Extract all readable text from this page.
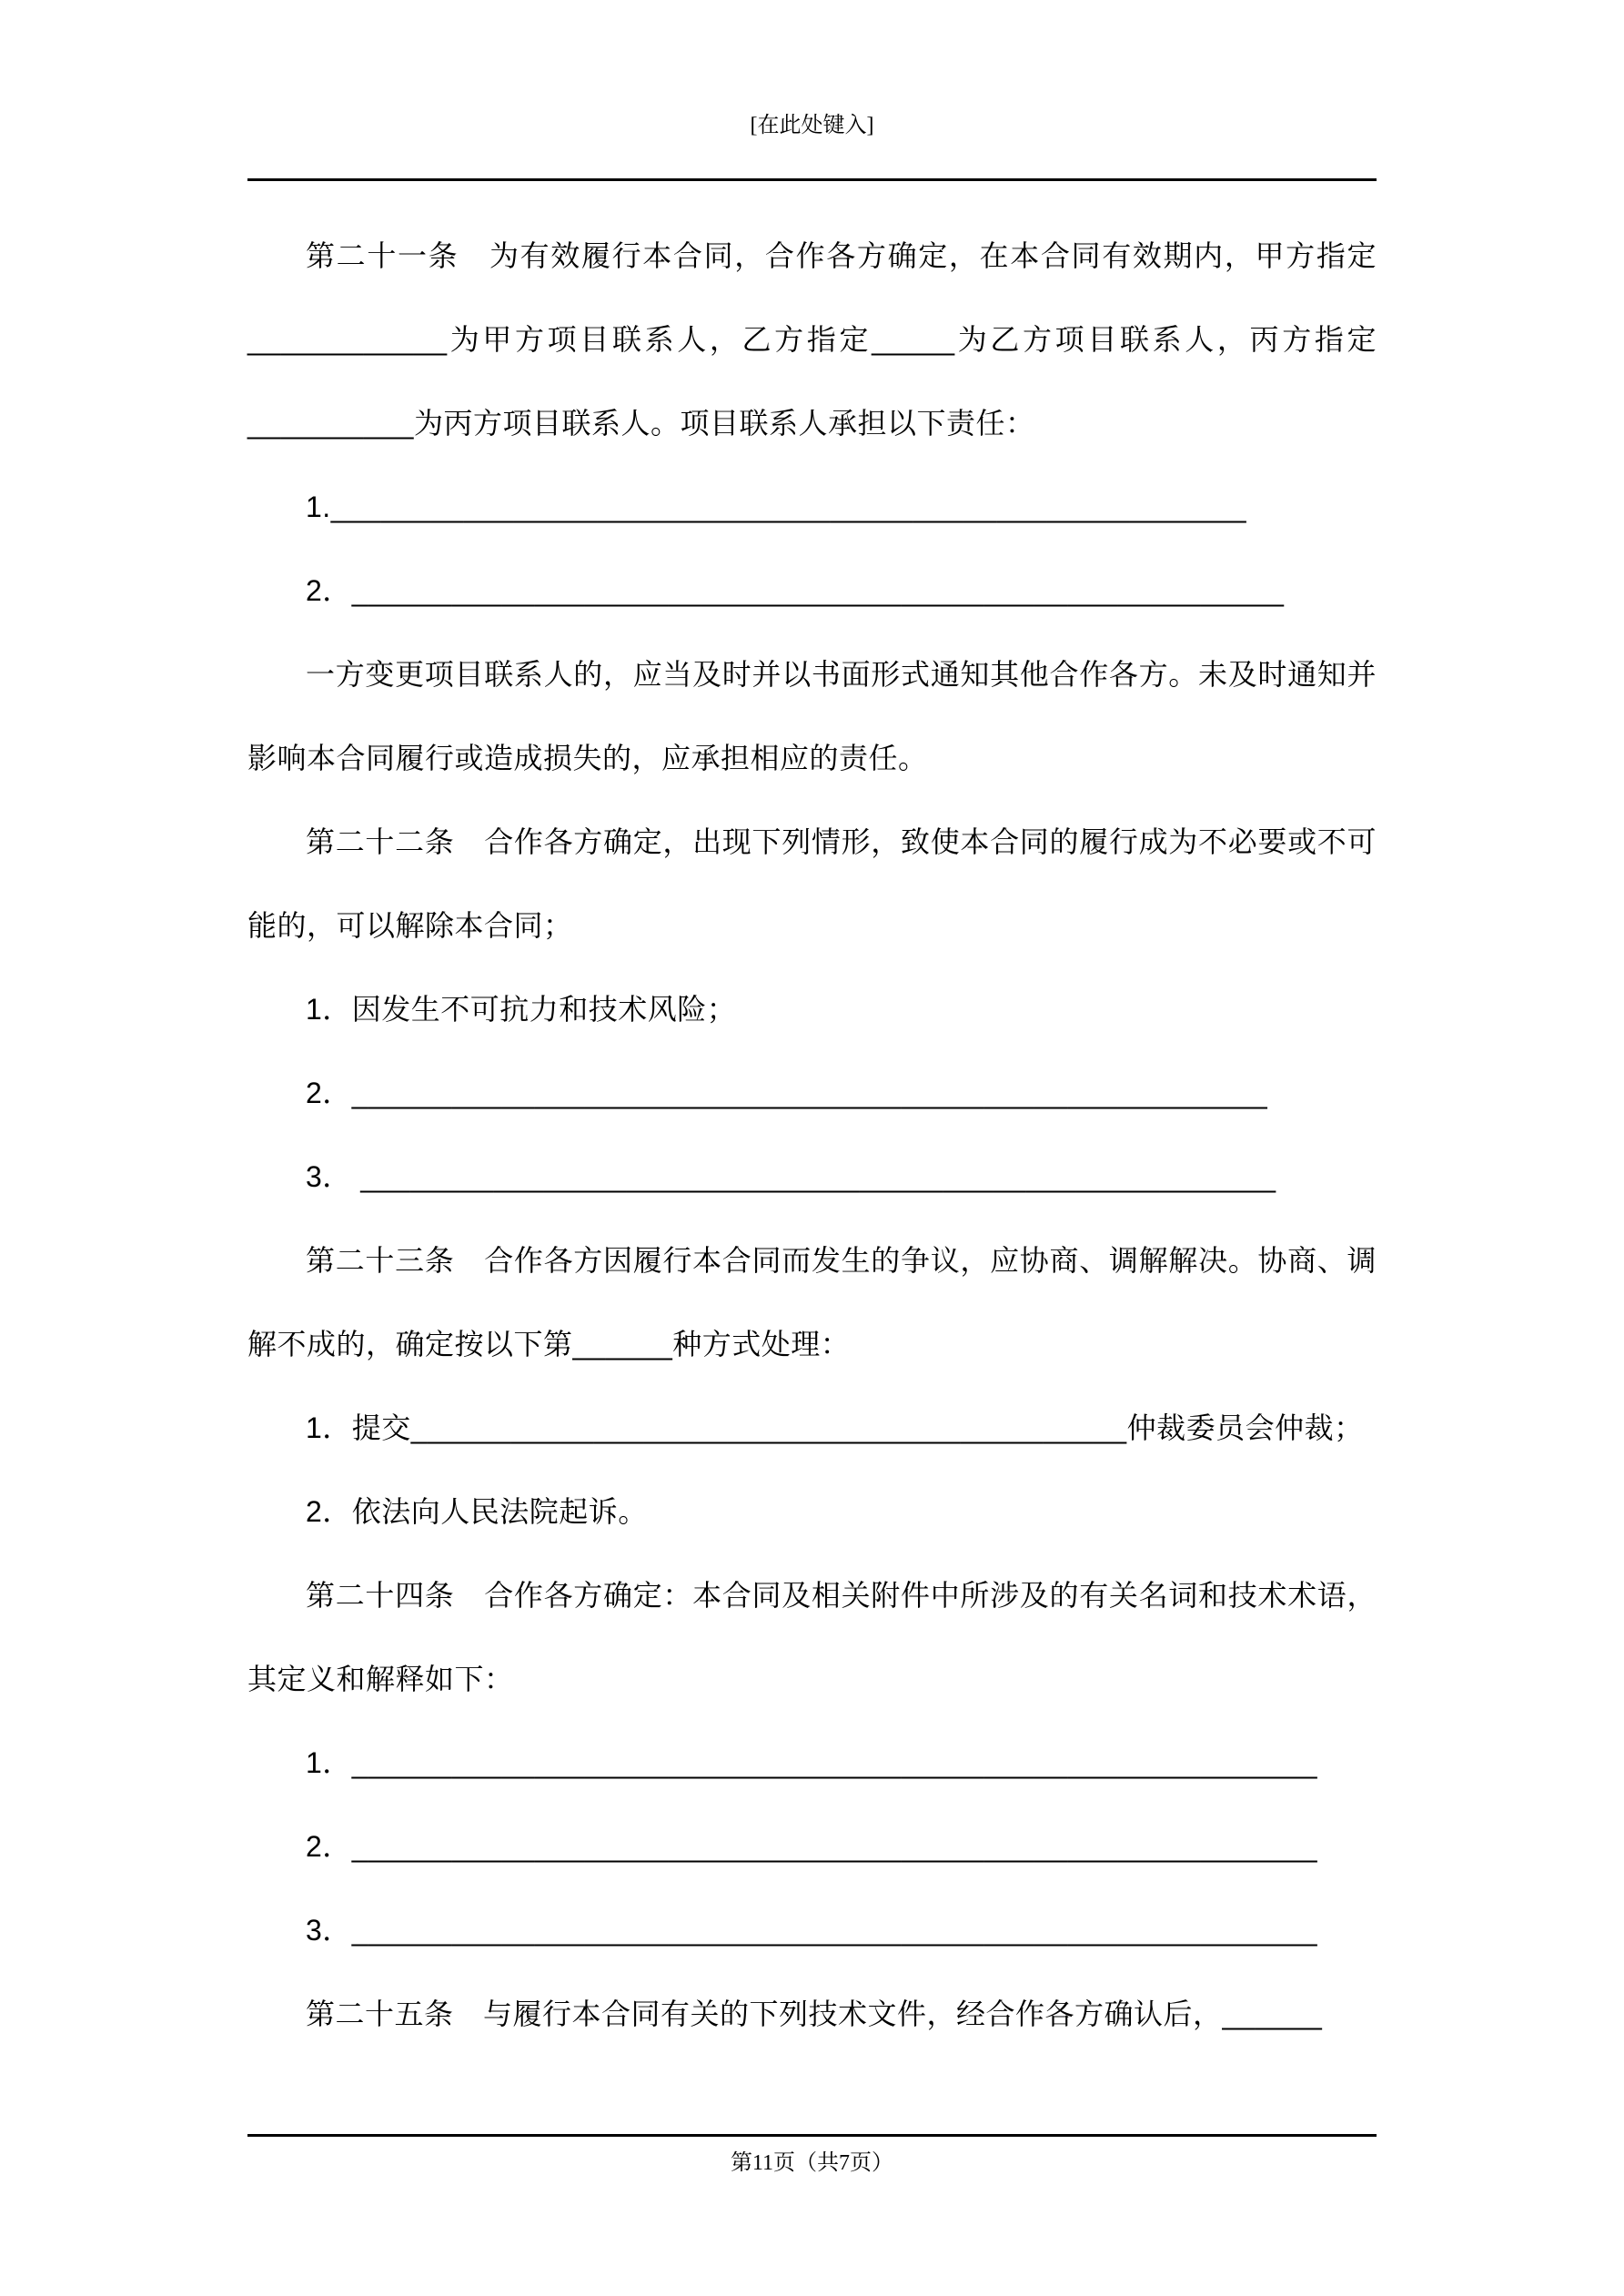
[在此处键入]

第二十一条　为有效履行本合同，合作各方确定，在本合同有效期内，甲方指定____________为甲方项目联系人，乙方指定_____为乙方项目联系人，丙方指定__________为丙方项目联系人。项目联系人承担以下责任：

1._______________________________________________________

2．________________________________________________________

一方变更项目联系人的，应当及时并以书面形式通知其他合作各方。未及时通知并影响本合同履行或造成损失的，应承担相应的责任。

第二十二条　合作各方确定，出现下列情形，致使本合同的履行成为不必要或不可能的，可以解除本合同；

1．因发生不可抗力和技术风险；

2．_______________________________________________________

3． _______________________________________________________

第二十三条　合作各方因履行本合同而发生的争议，应协商、调解解决。协商、调解不成的，确定按以下第______种方式处理：

1．提交___________________________________________仲裁委员会仲裁；

2．依法向人民法院起诉。

第二十四条　合作各方确定：本合同及相关附件中所涉及的有关名词和技术术语，其定义和解释如下：

1．__________________________________________________________

2．__________________________________________________________

3．__________________________________________________________

第二十五条　与履行本合同有关的下列技术文件，经合作各方确认后，______

第11页（共7页）
